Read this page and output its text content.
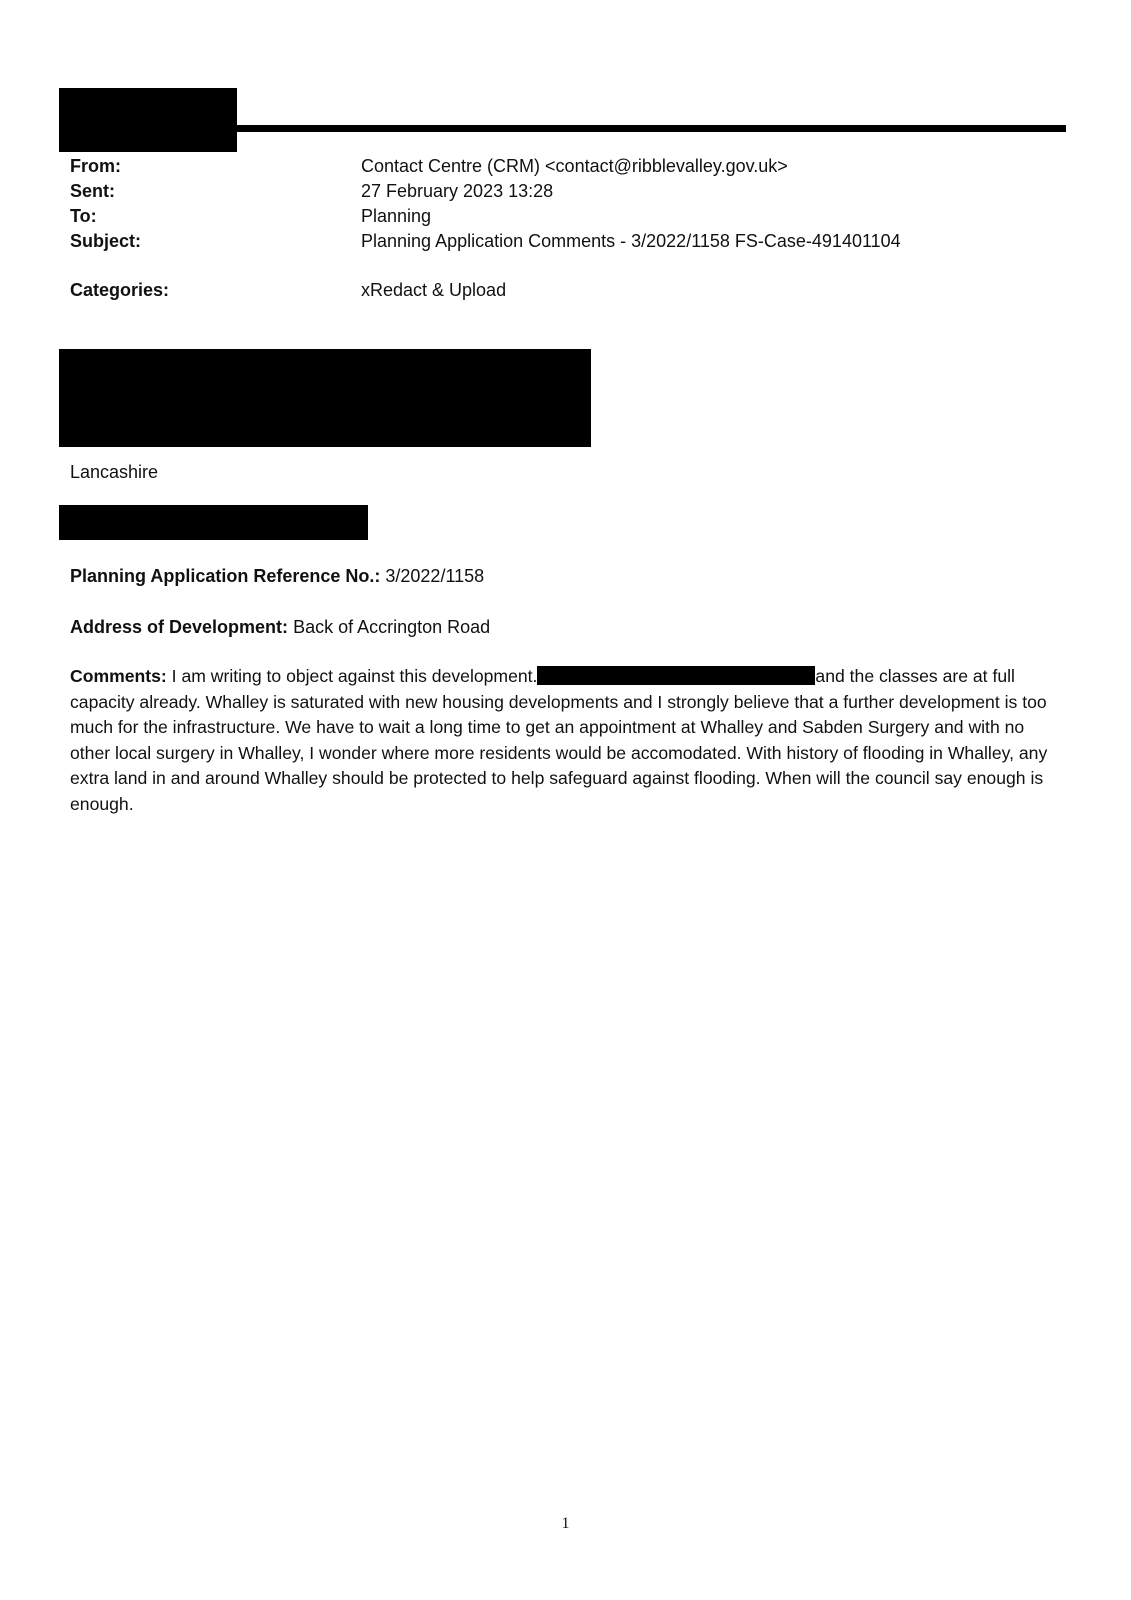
From:	Contact Centre (CRM) <contact@ribblevalley.gov.uk>
Sent:	27 February 2023 13:28
To:	Planning
Subject:	Planning Application Comments - 3/2022/1158 FS-Case-491401104
Categories:	xRedact & Upload
Lancashire
Planning Application Reference No.: 3/2022/1158
Address of Development: Back of Accrington Road
Comments: I am writing to object against this development.	and the classes are at full capacity already. Whalley is saturated with new housing developments and I strongly believe that a further development is too much for the infrastructure. We have to wait a long time to get an appointment at Whalley and Sabden Surgery and with no other local surgery in Whalley, I wonder where more residents would be accomodated. With history of flooding in Whalley, any extra land in and around Whalley should be protected to help safeguard against flooding. When will the council say enough is enough.
1
